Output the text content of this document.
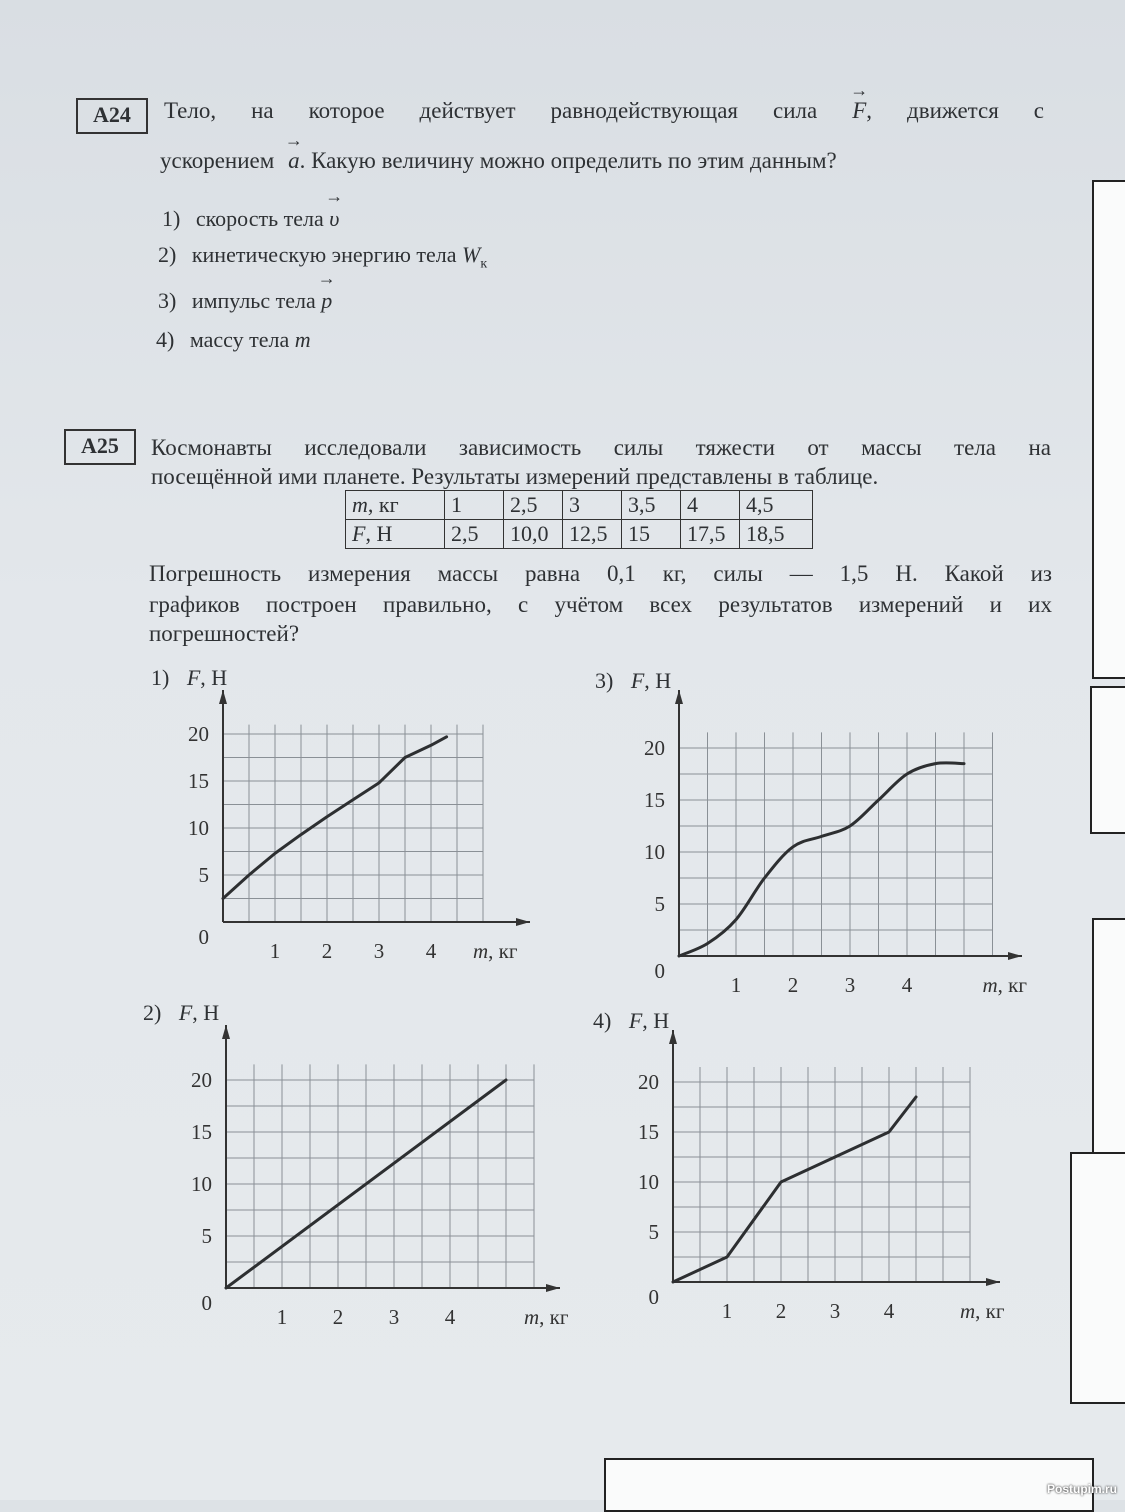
A24	Тело, на которое действует равнодействующая сила → F, движется с
ускорением → a. Какую величину можно определить по этим данным?
1) скорость тела → υ
2) кинетическую энергию тела $W_к$
3) импульс тела → p
4) массу тела m
A25	Космонавты исследовали зависимость силы тяжести от массы тела на
посещённой ими планете. Результаты измерений представлены в таблице.
m, кг	1	2,5	3	3,5	4	4,5
F, Н	2,5	10,0	12,5	15	17,5	18,5
Погрешность измерения массы равна 0,1 кг, силы — 1,5 Н. Какой из
графиков построен правильно, с учётом всех результатов измерений и их
погрешностей?
1) F, Н	3) F, Н
2) F, Н	4) F, Н
0
5
10
15
20
1 2 3 4 m, кг
0
5
10
15
20
1 2 3 4	m, кг
0
5
10
15
20
1 2 3 4	m, кг
0
5
10
15
20
1 2 3 4	m, кг
Postupim.ru
